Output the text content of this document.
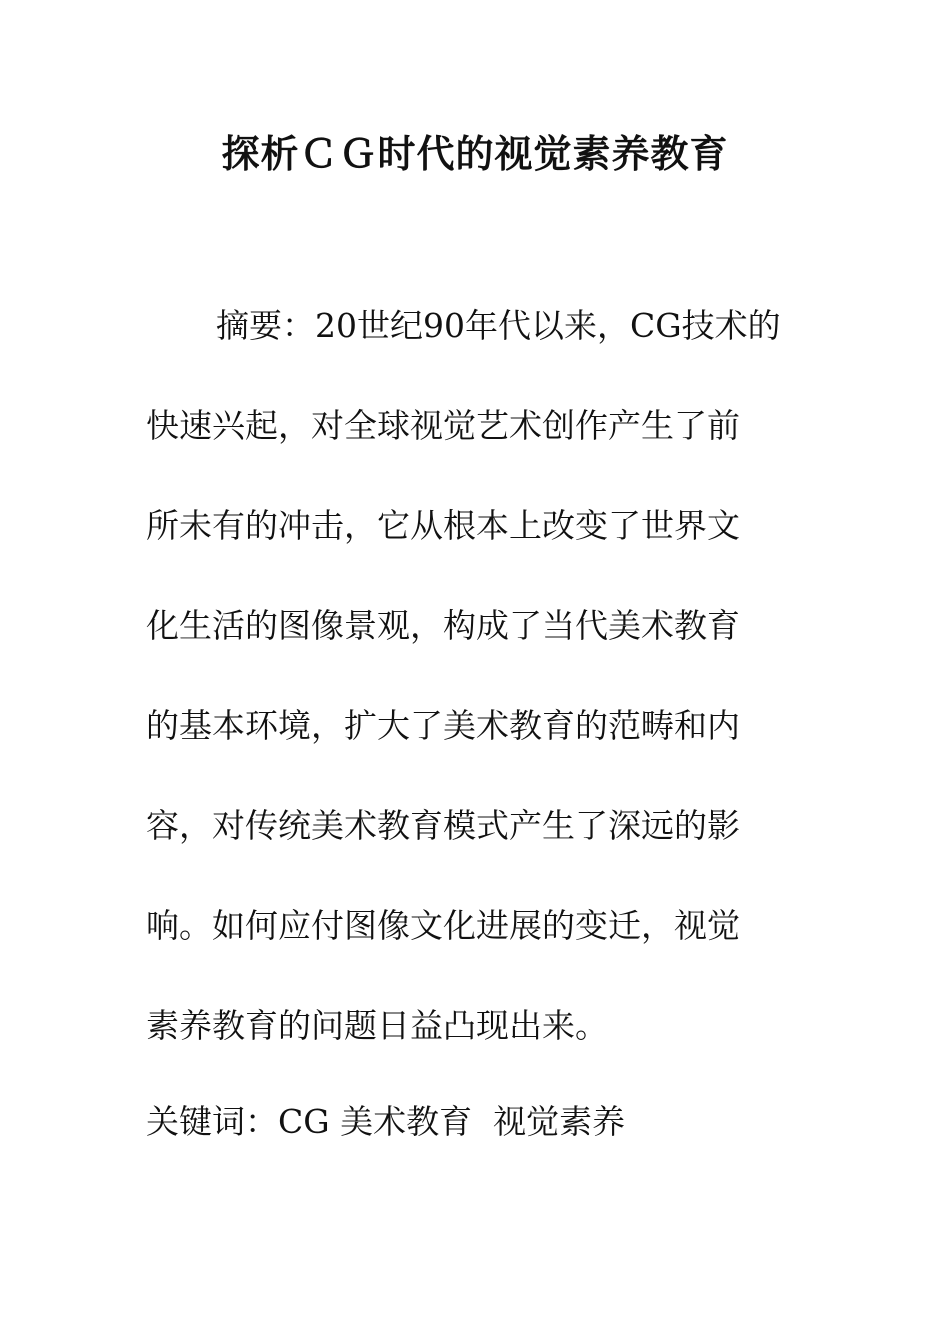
探析ＣＧ时代的视觉素养教育
摘要：20世纪90年代以来，CG技术的
快速兴起，对全球视觉艺术创作产生了前
所未有的冲击，它从根本上改变了世界文
化生活的图像景观，构成了当代美术教育
的基本环境，扩大了美术教育的范畴和内
容，对传统美术教育模式产生了深远的影
响。如何应付图像文化进展的变迁，视觉
素养教育的问题日益凸现出来。
关键词：CG 美术教育  视觉素养
